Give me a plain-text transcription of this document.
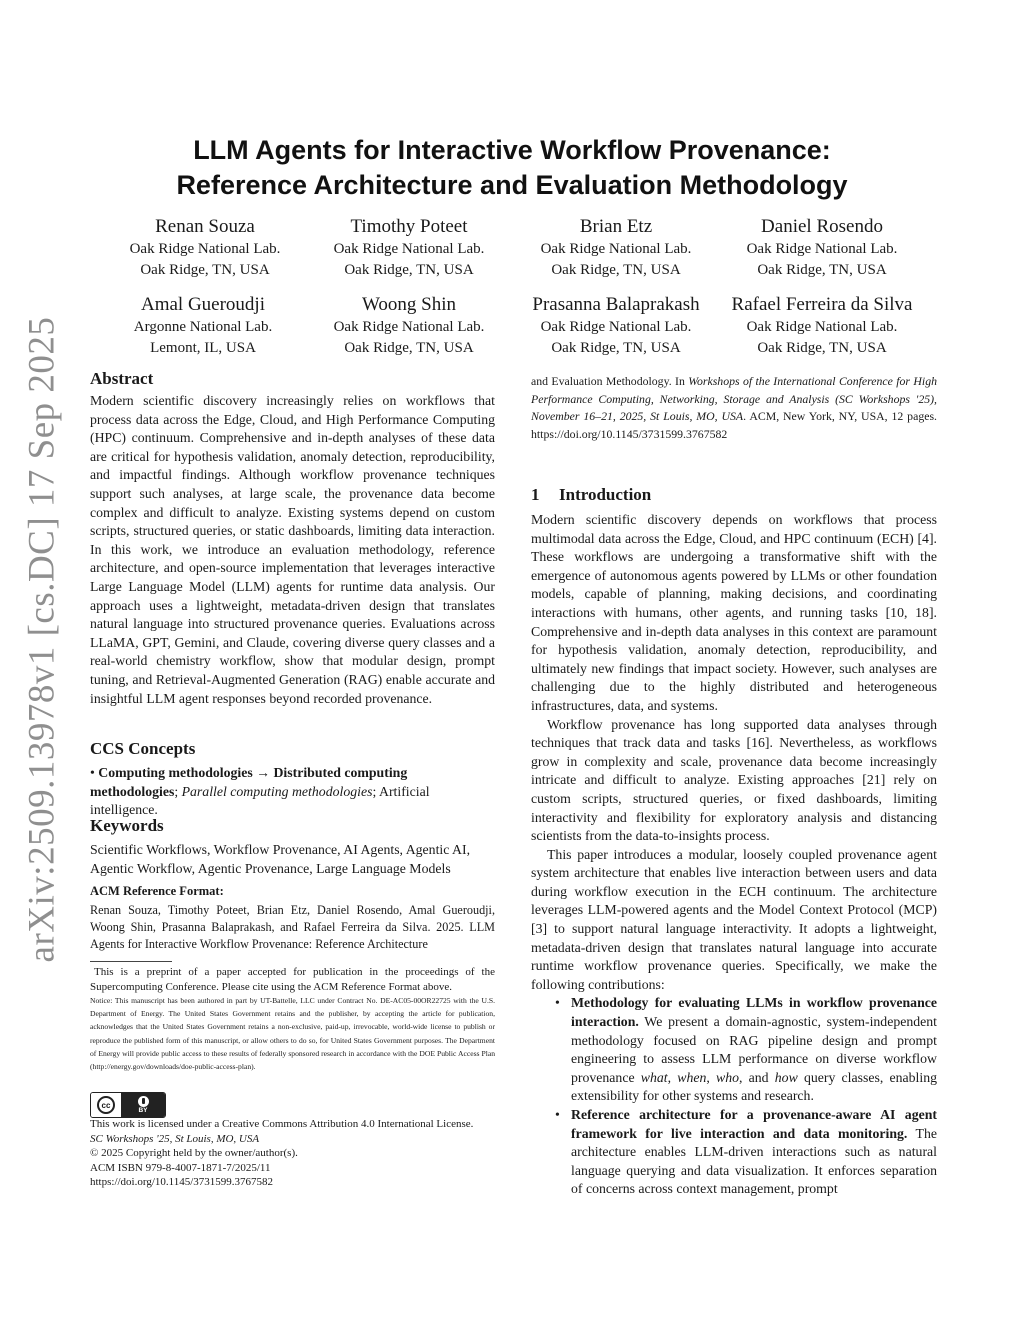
arXiv:2509.13978v1 [cs.DC] 17 Sep 2025
LLM Agents for Interactive Workflow Provenance:
Reference Architecture and Evaluation Methodology
Renan Souza
Oak Ridge National Lab.
Oak Ridge, TN, USA
Timothy Poteet
Oak Ridge National Lab.
Oak Ridge, TN, USA
Brian Etz
Oak Ridge National Lab.
Oak Ridge, TN, USA
Daniel Rosendo
Oak Ridge National Lab.
Oak Ridge, TN, USA
Amal Gueroudji
Argonne National Lab.
Lemont, IL, USA
Woong Shin
Oak Ridge National Lab.
Oak Ridge, TN, USA
Prasanna Balaprakash
Oak Ridge National Lab.
Oak Ridge, TN, USA
Rafael Ferreira da Silva
Oak Ridge National Lab.
Oak Ridge, TN, USA
Abstract
Modern scientific discovery increasingly relies on workflows that process data across the Edge, Cloud, and High Performance Computing (HPC) continuum. Comprehensive and in-depth analyses of these data are critical for hypothesis validation, anomaly detection, reproducibility, and impactful findings. Although workflow provenance techniques support such analyses, at large scale, the provenance data become complex and difficult to analyze. Existing systems depend on custom scripts, structured queries, or static dashboards, limiting data interaction. In this work, we introduce an evaluation methodology, reference architecture, and open-source implementation that leverages interactive Large Language Model (LLM) agents for runtime data analysis. Our approach uses a lightweight, metadata-driven design that translates natural language into structured provenance queries. Evaluations across LLaMA, GPT, Gemini, and Claude, covering diverse query classes and a real-world chemistry workflow, show that modular design, prompt tuning, and Retrieval-Augmented Generation (RAG) enable accurate and insightful LLM agent responses beyond recorded provenance.
CCS Concepts
• Computing methodologies → Distributed computing methodologies; Parallel computing methodologies; Artificial intelligence.
Keywords
Scientific Workflows, Workflow Provenance, AI Agents, Agentic AI, Agentic Workflow, Agentic Provenance, Large Language Models
ACM Reference Format:
Renan Souza, Timothy Poteet, Brian Etz, Daniel Rosendo, Amal Gueroudji, Woong Shin, Prasanna Balaprakash, and Rafael Ferreira da Silva. 2025. LLM Agents for Interactive Workflow Provenance: Reference Architecture
This is a preprint of a paper accepted for publication in the proceedings of the Supercomputing Conference. Please cite using the ACM Reference Format above.
Notice: This manuscript has been authored in part by UT-Battelle, LLC under Contract No. DE-AC05-00OR22725 with the U.S. Department of Energy. The United States Government retains and the publisher, by accepting the article for publication, acknowledges that the United States Government retains a non-exclusive, paid-up, irrevocable, world-wide license to publish or reproduce the published form of this manuscript, or allow others to do so, for United States Government purposes. The Department of Energy will provide public access to these results of federally sponsored research in accordance with the DOE Public Access Plan (http://energy.gov/downloads/doe-public-access-plan).
cc
BY
This work is licensed under a Creative Commons Attribution 4.0 International License.
SC Workshops '25, St Louis, MO, USA
© 2025 Copyright held by the owner/author(s).
ACM ISBN 979-8-4007-1871-7/2025/11
https://doi.org/10.1145/3731599.3767582
and Evaluation Methodology. In Workshops of the International Conference for High Performance Computing, Networking, Storage and Analysis (SC Workshops '25), November 16–21, 2025, St Louis, MO, USA. ACM, New York, NY, USA, 12 pages. https://doi.org/10.1145/3731599.3767582
1 Introduction

Modern scientific discovery depends on workflows that process multimodal data across the Edge, Cloud, and HPC continuum (ECH) [4]. These workflows are undergoing a transformative shift with the emergence of autonomous agents powered by LLMs or other foundation models, capable of planning, making decisions, and coordinating interactions with humans, other agents, and running tasks [10, 18]. Comprehensive and in-depth data analyses in this context are paramount for hypothesis validation, anomaly detection, reproducibility, and ultimately new findings that impact society. However, such analyses are challenging due to the highly distributed and heterogeneous infrastructures, data, and systems.

Workflow provenance has long supported data analyses through techniques that track data and tasks [16]. Nevertheless, as workflows grow in complexity and scale, provenance data become increasingly intricate and difficult to analyze. Existing approaches [21] rely on custom scripts, structured queries, or fixed dashboards, limiting interactivity and flexibility for exploratory analysis and distancing scientists from the data-to-insights process.

This paper introduces a modular, loosely coupled provenance agent system architecture that enables live interaction between users and data during workflow execution in the ECH continuum. The architecture leverages LLM-powered agents and the Model Context Protocol (MCP) [3] to support natural language interactivity. It adopts a lightweight, metadata-driven design that translates natural language into accurate runtime workflow provenance queries. Specifically, we make the following contributions:

• Methodology for evaluating LLMs in workflow provenance interaction. We present a domain-agnostic, system-independent methodology focused on RAG pipeline design and prompt engineering to assess LLM performance on diverse workflow provenance what, when, who, and how query classes, enabling extensibility for other systems and research.
• Reference architecture for a provenance-aware AI agent framework for live interaction and data monitoring. The architecture enables LLM-driven interactions such as natural language querying and data visualization. It enforces separation of concerns across context management, prompt
